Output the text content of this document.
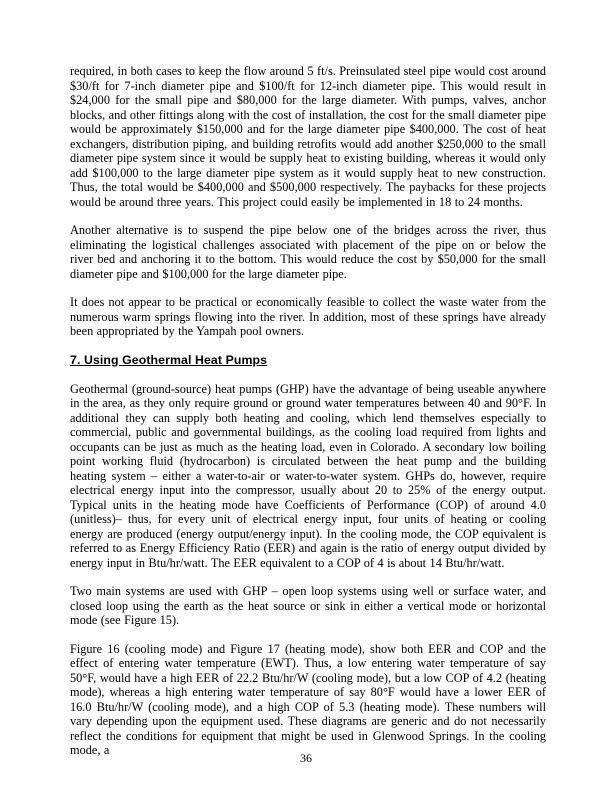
required, in both cases to keep the flow around 5 ft/s. Preinsulated steel pipe would cost around $30/ft for 7-inch diameter pipe and $100/ft for 12-inch diameter pipe. This would result in $24,000 for the small pipe and $80,000 for the large diameter. With pumps, valves, anchor blocks, and other fittings along with the cost of installation, the cost for the small diameter pipe would be approximately $150,000 and for the large diameter pipe $400,000. The cost of heat exchangers, distribution piping, and building retrofits would add another $250,000 to the small diameter pipe system since it would be supply heat to existing building, whereas it would only add $100,000 to the large diameter pipe system as it would supply heat to new construction. Thus, the total would be $400,000 and $500,000 respectively. The paybacks for these projects would be around three years. This project could easily be implemented in 18 to 24 months.

Another alternative is to suspend the pipe below one of the bridges across the river, thus eliminating the logistical challenges associated with placement of the pipe on or below the river bed and anchoring it to the bottom. This would reduce the cost by $50,000 for the small diameter pipe and $100,000 for the large diameter pipe.

It does not appear to be practical or economically feasible to collect the waste water from the numerous warm springs flowing into the river. In addition, most of these springs have already been appropriated by the Yampah pool owners.

7. Using Geothermal Heat Pumps

Geothermal (ground-source) heat pumps (GHP) have the advantage of being useable anywhere in the area, as they only require ground or ground water temperatures between 40 and 90°F. In additional they can supply both heating and cooling, which lend themselves especially to commercial, public and governmental buildings, as the cooling load required from lights and occupants can be just as much as the heating load, even in Colorado. A secondary low boiling point working fluid (hydrocarbon) is circulated between the heat pump and the building heating system – either a water-to-air or water-to-water system. GHPs do, however, require electrical energy input into the compressor, usually about 20 to 25% of the energy output. Typical units in the heating mode have Coefficients of Performance (COP) of around 4.0 (unitless)– thus, for every unit of electrical energy input, four units of heating or cooling energy are produced (energy output/energy input). In the cooling mode, the COP equivalent is referred to as Energy Efficiency Ratio (EER) and again is the ratio of energy output divided by energy input in Btu/hr/watt. The EER equivalent to a COP of 4 is about 14 Btu/hr/watt.

Two main systems are used with GHP – open loop systems using well or surface water, and closed loop using the earth as the heat source or sink in either a vertical mode or horizontal mode (see Figure 15).

Figure 16 (cooling mode) and Figure 17 (heating mode), show both EER and COP and the effect of entering water temperature (EWT). Thus, a low entering water temperature of say 50°F, would have a high EER of 22.2 Btu/hr/W (cooling mode), but a low COP of 4.2 (heating mode), whereas a high entering water temperature of say 80°F would have a lower EER of 16.0 Btu/hr/W (cooling mode), and a high COP of 5.3 (heating mode). These numbers will vary depending upon the equipment used. These diagrams are generic and do not necessarily reflect the conditions for equipment that might be used in Glenwood Springs. In the cooling mode, a

36
